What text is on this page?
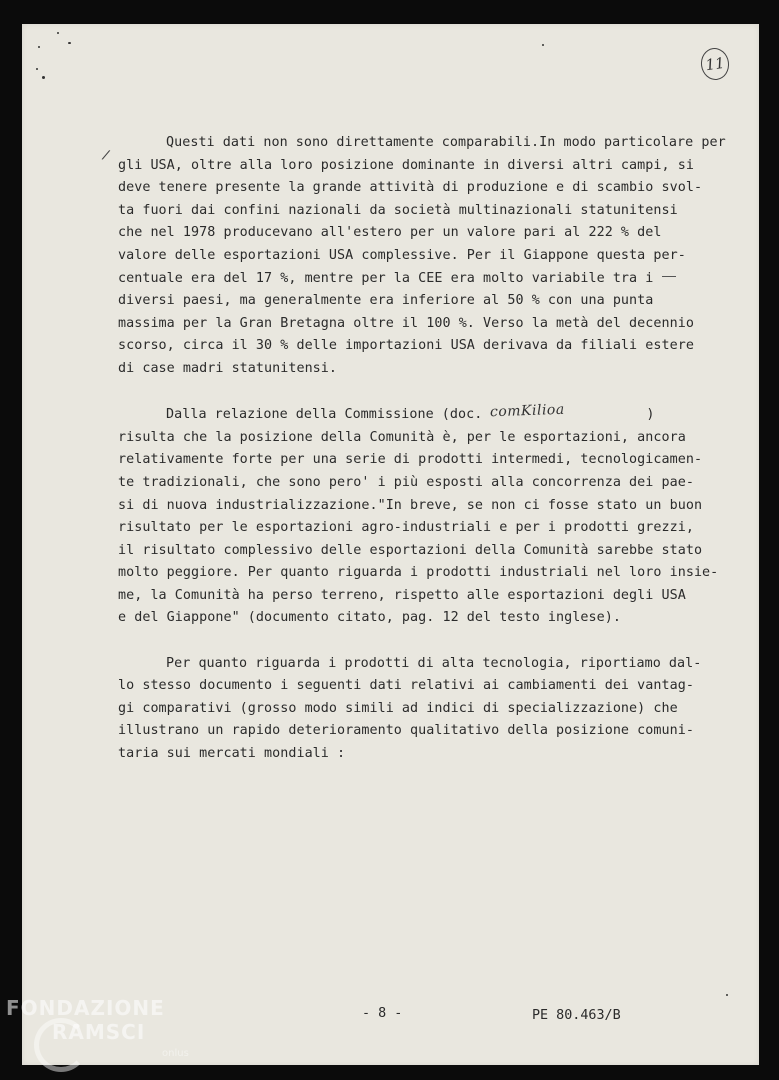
11
/
Questi dati non sono direttamente comparabili.In modo particolare per
gli USA, oltre alla loro posizione dominante in diversi altri campi, si
deve tenere presente la grande attività di produzione e di scambio svol-
ta fuori dai confini nazionali da società multinazionali statunitensi
che nel 1978 producevano all'estero per un valore pari al 222 % del
valore delle esportazioni USA complessive. Per il Giappone questa per-
centuale era del 17 %, mentre per la CEE era molto variabile tra i
diversi paesi, ma generalmente era inferiore al 50 % con una punta
massima per la Gran Bretagna oltre il 100 %. Verso la metà del decennio
scorso, circa il 30 % delle importazioni USA derivava da filiali estere
di case madri statunitensi.
Dalla relazione della Commissione (doc. comKilioa          )
risulta che la posizione della Comunità è, per le esportazioni, ancora
relativamente forte per una serie di prodotti intermedi, tecnologicamen-
te tradizionali, che sono pero' i più esposti alla concorrenza dei pae-
si di nuova industrializzazione."In breve, se non ci fosse stato un buon
risultato per le esportazioni agro-industriali e per i prodotti grezzi,
il risultato complessivo delle esportazioni della Comunità sarebbe stato
molto peggiore. Per quanto riguarda i prodotti industriali nel loro insie-
me, la Comunità ha perso terreno, rispetto alle esportazioni degli USA
e del Giappone" (documento citato, pag. 12 del testo inglese).
Per quanto riguarda i prodotti di alta tecnologia, riportiamo dal-
lo stesso documento i seguenti dati relativi ai cambiamenti dei vantag-
gi comparativi (grosso modo simili ad indici di specializzazione) che
illustrano un rapido deterioramento qualitativo della posizione comuni-
taria sui mercati mondiali :
- 8 -	PE 80.463/B
FONDAZIONE
RAMSCI
onlus
